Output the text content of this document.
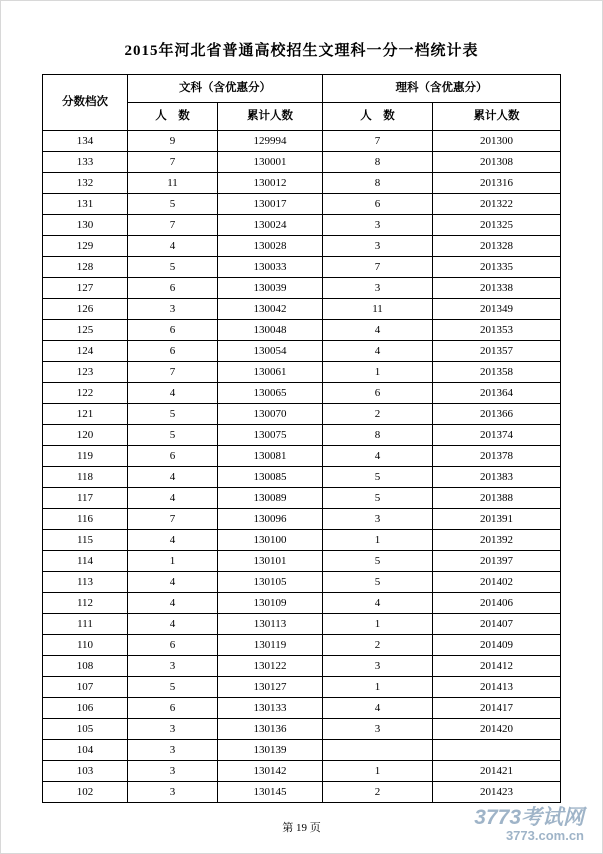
2015年河北省普通高校招生文理科一分一档统计表
分数档次	文科（含优惠分）		理科（含优惠分）	
	人　数	累计人数	人　数	累计人数
134	9	129994	7	201300
133	7	130001	8	201308
132	11	130012	8	201316
131	5	130017	6	201322
130	7	130024	3	201325
129	4	130028	3	201328
128	5	130033	7	201335
127	6	130039	3	201338
126	3	130042	11	201349
125	6	130048	4	201353
124	6	130054	4	201357
123	7	130061	1	201358
122	4	130065	6	201364
121	5	130070	2	201366
120	5	130075	8	201374
119	6	130081	4	201378
118	4	130085	5	201383
117	4	130089	5	201388
116	7	130096	3	201391
115	4	130100	1	201392
114	1	130101	5	201397
113	4	130105	5	201402
112	4	130109	4	201406
111	4	130113	1	201407
110	6	130119	2	201409
108	3	130122	3	201412
107	5	130127	1	201413
106	6	130133	4	201417
105	3	130136	3	201420
104	3	130139		
103	3	130142	1	201421
102	3	130145	2	201423
第 19 页	3773考试网
3773.com.cn
